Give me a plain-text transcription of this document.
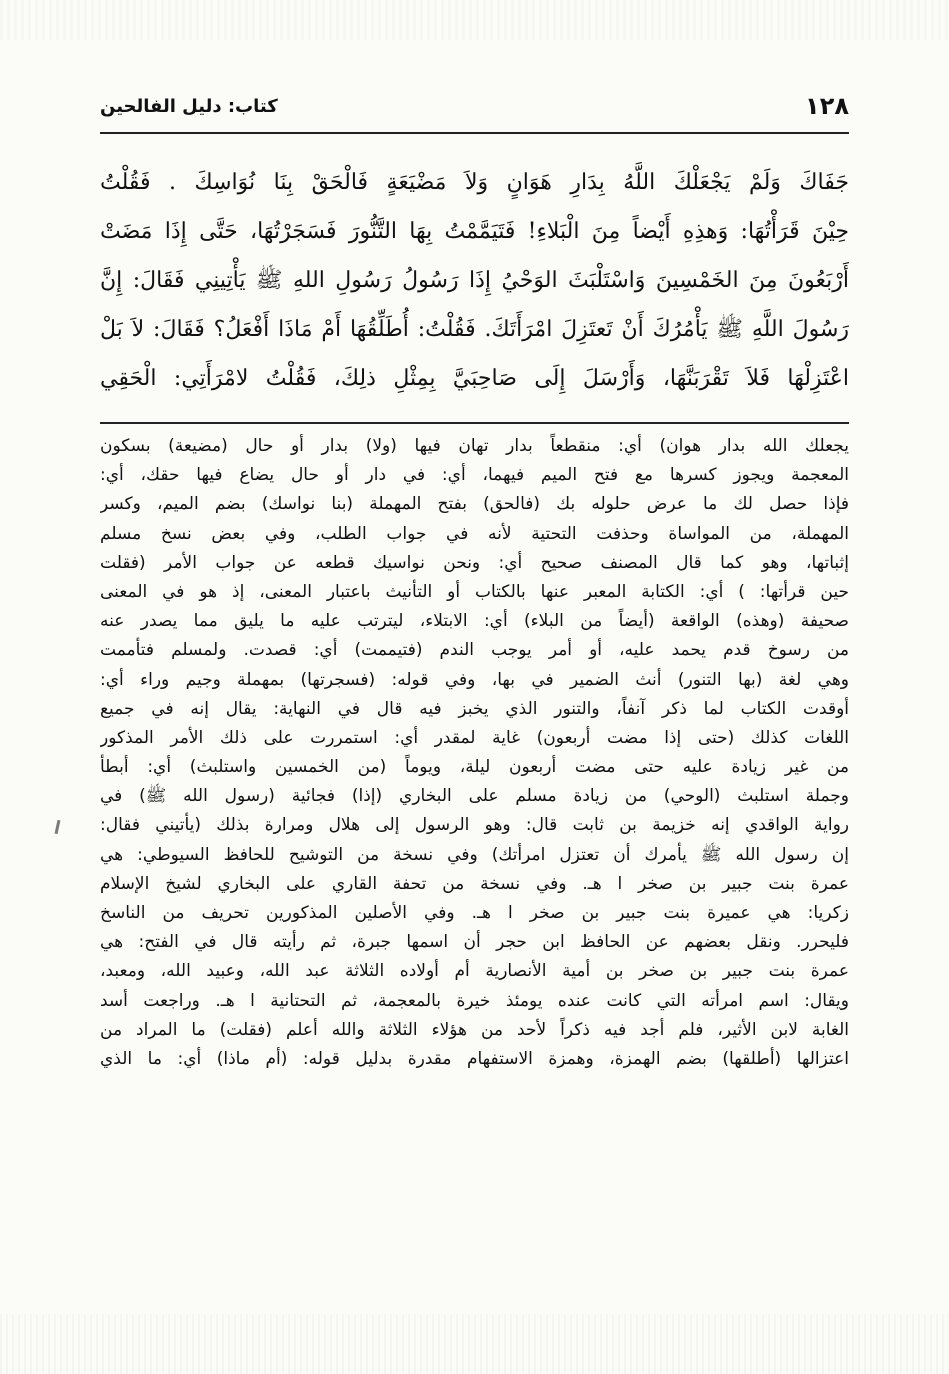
١٢٨
كتاب: دليل الفالحين
جَفَاكَ وَلَمْ يَجْعَلْكَ اللَّهُ بِدَارِ هَوَانٍ وَلاَ مَضْيَعَةٍ فَالْحَقْ بِنَا نُوَاسِكَ . فَقُلْتُ
حِيْنَ قَرَأْتُهَا: وَهذِهِ أَيْضاً مِنَ الْبَلاءِ! فَتَيَمَّمْتُ بِهَا التَّنُّورَ فَسَجَرْتُهَا، حَتَّى إِذَا مَضَتْ
أَرْبَعُونَ مِنَ الخَمْسِينَ وَاسْتَلْبَثَ الوَحْيُ إِذَا رَسُولُ رَسُولِ اللهِ ﷺ يَأْتِينِي فَقَالَ: إِنَّ
رَسُولَ اللَّهِ ﷺ يَأْمُرُكَ أَنْ تَعتَزِلَ امْرَأَتَكَ. فَقُلْتُ: أُطَلِّقُهَا أَمْ مَاذَا أَفْعَلُ؟ فَقَالَ: لاَ بَلْ
اعْتَزِلْهَا فَلاَ تَقْرَبَنَّهَا، وَأَرْسَلَ إِلَى صَاحِبَيَّ بِمِثْلِ ذلِكَ، فَقُلْتُ لامْرَأَتِي: الْحَقِي
يجعلك الله بدار هوان) أي: منقطعاً بدار تهان فيها (ولا) بدار أو حال (مضيعة) بسكون
المعجمة ويجوز كسرها مع فتح الميم فيهما، أي: في دار أو حال يضاع فيها حقك، أي:
فإذا حصل لك ما عرض حلوله بك (فالحق) بفتح المهملة (بنا نواسك) بضم الميم، وكسر
المهملة، من المواساة وحذفت التحتية لأنه في جواب الطلب، وفي بعض نسخ مسلم
إثباتها، وهو كما قال المصنف صحيح أي: ونحن نواسيك قطعه عن جواب الأمر (فقلت
حين قرأتها: ) أي: الكتابة المعبر عنها بالكتاب أو التأنيث باعتبار المعنى، إذ هو في المعنى
صحيفة (وهذه) الواقعة (أيضاً من البلاء) أي: الابتلاء، ليترتب عليه ما يليق مما يصدر عنه
من رسوخ قدم يحمد عليه، أو أمر يوجب الندم (فتيممت) أي: قصدت. ولمسلم فتأممت
وهي لغة (بها التنور) أنث الضمير في بها، وفي قوله: (فسجرتها) بمهملة وجيم وراء أي:
أوقدت الكتاب لما ذكر آنفاً، والتنور الذي يخبز فيه قال في النهاية: يقال إنه في جميع
اللغات كذلك (حتى إذا مضت أربعون) غاية لمقدر أي: استمررت على ذلك الأمر المذكور
من غير زيادة عليه حتى مضت أربعون ليلة، ويوماً (من الخمسين واستلبث) أي: أبطأ
وجملة استلبث (الوحي) من زيادة مسلم على البخاري (إذا) فجائية (رسول الله ﷺ) في
رواية الواقدي إنه خزيمة بن ثابت قال: وهو الرسول إلى هلال ومرارة بذلك (يأتيني فقال:
إن رسول الله ﷺ يأمرك أن تعتزل امرأتك) وفي نسخة من التوشيح للحافظ السيوطي: هي
عمرة بنت جبير بن صخر ا هـ. وفي نسخة من تحفة القاري على البخاري لشيخ الإسلام
زكريا: هي عميرة بنت جبير بن صخر ا هـ. وفي الأصلين المذكورين تحريف من الناسخ
فليحرر. ونقل بعضهم عن الحافظ ابن حجر أن اسمها جبرة، ثم رأيته قال في الفتح: هي
عمرة بنت جبير بن صخر بن أمية الأنصارية أم أولاده الثلاثة عبد الله، وعبيد الله، ومعبد،
ويقال: اسم امرأته التي كانت عنده يومئذ خيرة بالمعجمة، ثم التحتانية ا هـ. وراجعت أسد
الغابة لابن الأثير، فلم أجد فيه ذكراً لأحد من هؤلاء الثلاثة والله أعلم (فقلت) ما المراد من
اعتزالها (أطلقها) بضم الهمزة، وهمزة الاستفهام مقدرة بدليل قوله: (أم ماذا) أي: ما الذي
